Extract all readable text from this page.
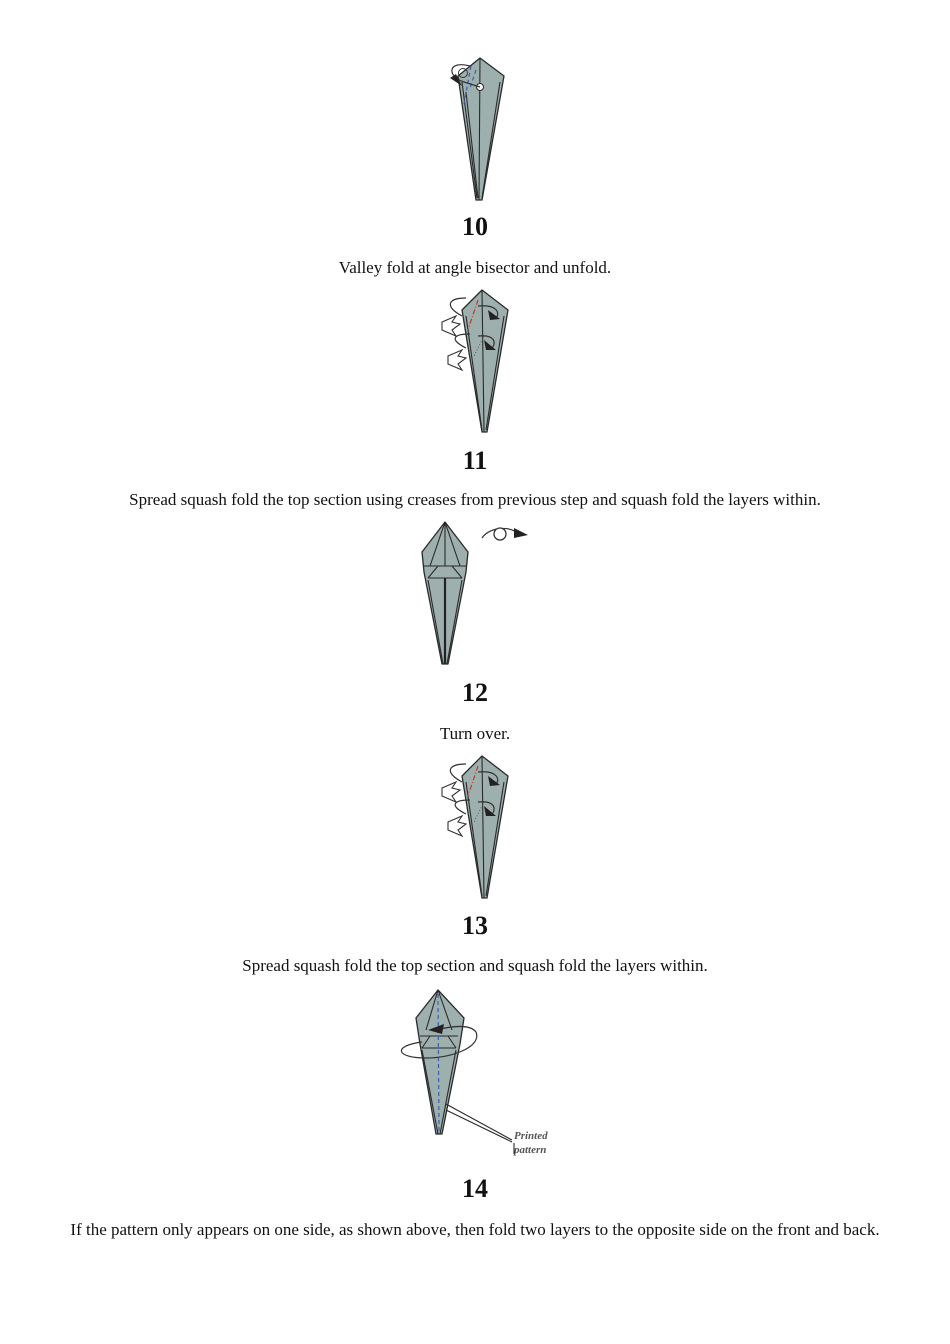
10
Valley fold at angle bisector and unfold.
11
Spread squash fold the top section using creases from previous step and squash fold the layers within.
12
Turn over.
13
Spread squash fold the top section and squash fold the layers within.
Printed
pattern
14
If the pattern only appears on one side, as shown above, then fold two layers to the opposite side on the front and back.
